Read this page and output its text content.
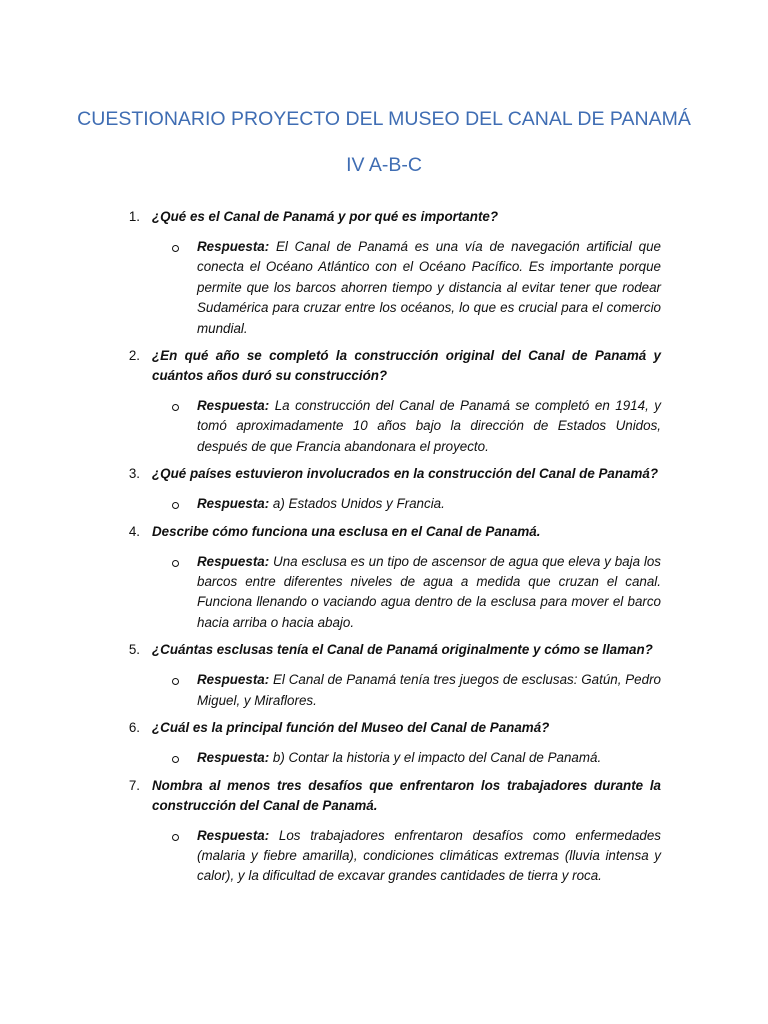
CUESTIONARIO PROYECTO DEL MUSEO DEL CANAL DE PANAMÁ
IV A-B-C
1. ¿Qué es el Canal de Panamá y por qué es importante?
Respuesta: El Canal de Panamá es una vía de navegación artificial que conecta el Océano Atlántico con el Océano Pacífico. Es importante porque permite que los barcos ahorren tiempo y distancia al evitar tener que rodear Sudamérica para cruzar entre los océanos, lo que es crucial para el comercio mundial.
2. ¿En qué año se completó la construcción original del Canal de Panamá y cuántos años duró su construcción?
Respuesta: La construcción del Canal de Panamá se completó en 1914, y tomó aproximadamente 10 años bajo la dirección de Estados Unidos, después de que Francia abandonara el proyecto.
3. ¿Qué países estuvieron involucrados en la construcción del Canal de Panamá?
Respuesta: a) Estados Unidos y Francia.
4. Describe cómo funciona una esclusa en el Canal de Panamá.
Respuesta: Una esclusa es un tipo de ascensor de agua que eleva y baja los barcos entre diferentes niveles de agua a medida que cruzan el canal. Funciona llenando o vaciando agua dentro de la esclusa para mover el barco hacia arriba o hacia abajo.
5. ¿Cuántas esclusas tenía el Canal de Panamá originalmente y cómo se llaman?
Respuesta: El Canal de Panamá tenía tres juegos de esclusas: Gatún, Pedro Miguel, y Miraflores.
6. ¿Cuál es la principal función del Museo del Canal de Panamá?
Respuesta: b) Contar la historia y el impacto del Canal de Panamá.
7. Nombra al menos tres desafíos que enfrentaron los trabajadores durante la construcción del Canal de Panamá.
Respuesta: Los trabajadores enfrentaron desafíos como enfermedades (malaria y fiebre amarilla), condiciones climáticas extremas (lluvia intensa y calor), y la dificultad de excavar grandes cantidades de tierra y roca.
